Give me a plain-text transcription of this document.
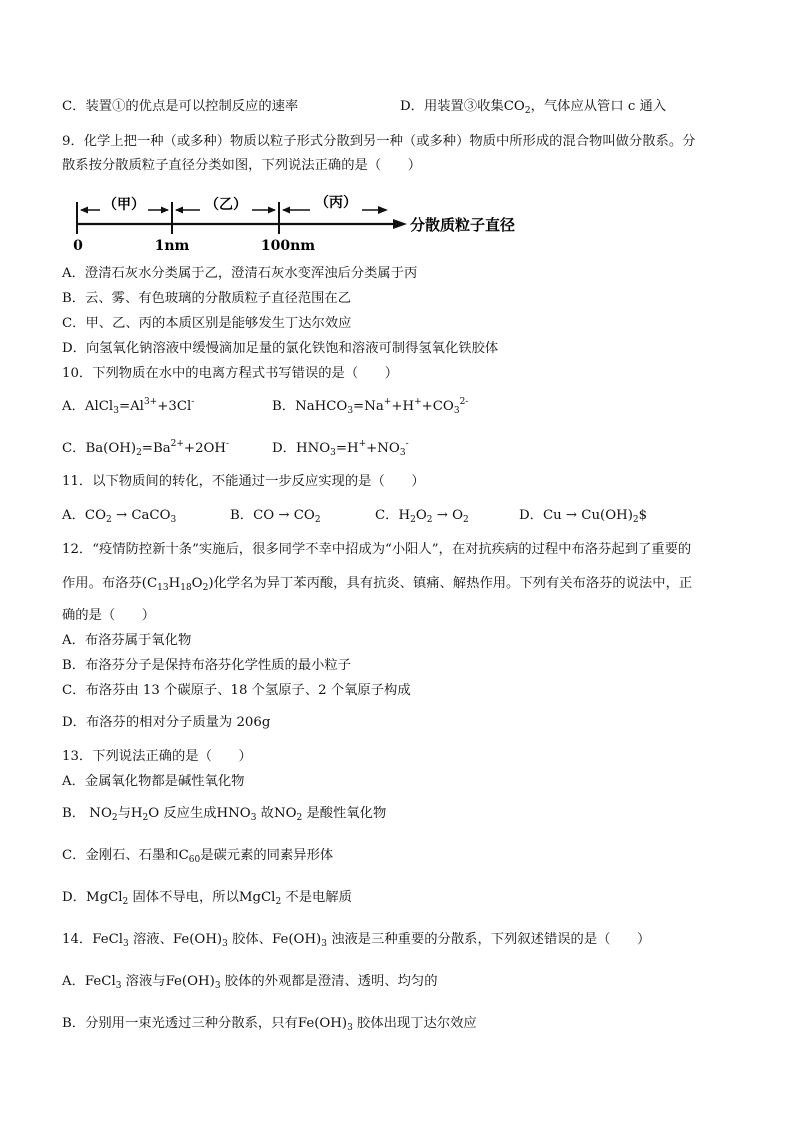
C．装置①的优点是可以控制反应的速率	D．用装置③收集$CO_2$，气体应从管口 c 通入
9．化学上把一种（或多种）物质以粒子形式分散到另一种（或多种）物质中所形成的混合物叫做分散系。分
散系按分散质粒子直径分类如图，下列说法正确的是（　　）
（甲）	（乙）	（丙）
0	1nm	100nm
分散质粒子直径
A．澄清石灰水分类属于乙，澄清石灰水变浑浊后分类属于丙
B．云、雾、有色玻璃的分散质粒子直径范围在乙
C．甲、乙、丙的本质区别是能够发生丁达尔效应
D．向氢氧化钠溶液中缓慢滴加足量的氯化铁饱和溶液可制得氢氧化铁胶体
10．下列物质在水中的电离方程式书写错误的是（　　）
A．$AlCl_3=Al^{3+}+3Cl^-$	B．$NaHCO_3=Na^++H^++CO_3^{2-}$
C．$Ba(OH)_2=Ba^{2+}+2OH^-$	D．$HNO_3=H^++NO_3^-$
11．以下物质间的转化，不能通过一步反应实现的是（　　）
A．$CO_2$ → CaCO$_3$	B．CO → $CO_2$	C．$H_2O_2 \to O_2$	D．$Cu \to Cu(OH)_2\$$
12．“疫情防控新十条”实施后，很多同学不幸中招成为“小阳人”，在对抗疾病的过程中布洛芬起到了重要的
作用。布洛芬$(C_{13}H_{18}O_2)$化学名为异丁苯丙酸，具有抗炎、镇痛、解热作用。下列有关布洛芬的说法中，正
确的是（　　）
A．布洛芬属于氧化物
B．布洛芬分子是保持布洛芬化学性质的最小粒子
C．布洛芬由 13 个碳原子、18 个氢原子、2 个氧原子构成
D．布洛芬的相对分子质量为 206g
13．下列说法正确的是（　　）
A．金属氧化物都是碱性氧化物
B． $NO_2$与$H_2O$ 反应生成$HNO_3$ 故$NO_2$ 是酸性氧化物
C．金刚石、石墨和$C_{60}$是碳元素的同素异形体
D．MgCl$_2$ 固体不导电，所以MgCl$_2$ 不是电解质
14．FeCl$_3$ 溶液、$Fe(OH)_3$ 胶体、$Fe(OH)_3$ 浊液是三种重要的分散系，下列叙述错误的是（　　）
A．FeCl$_3$ 溶液与$Fe(OH)_3$ 胶体的外观都是澄清、透明、均匀的
B．分别用一束光透过三种分散系，只有$Fe(OH)_3$ 胶体出现丁达尔效应
